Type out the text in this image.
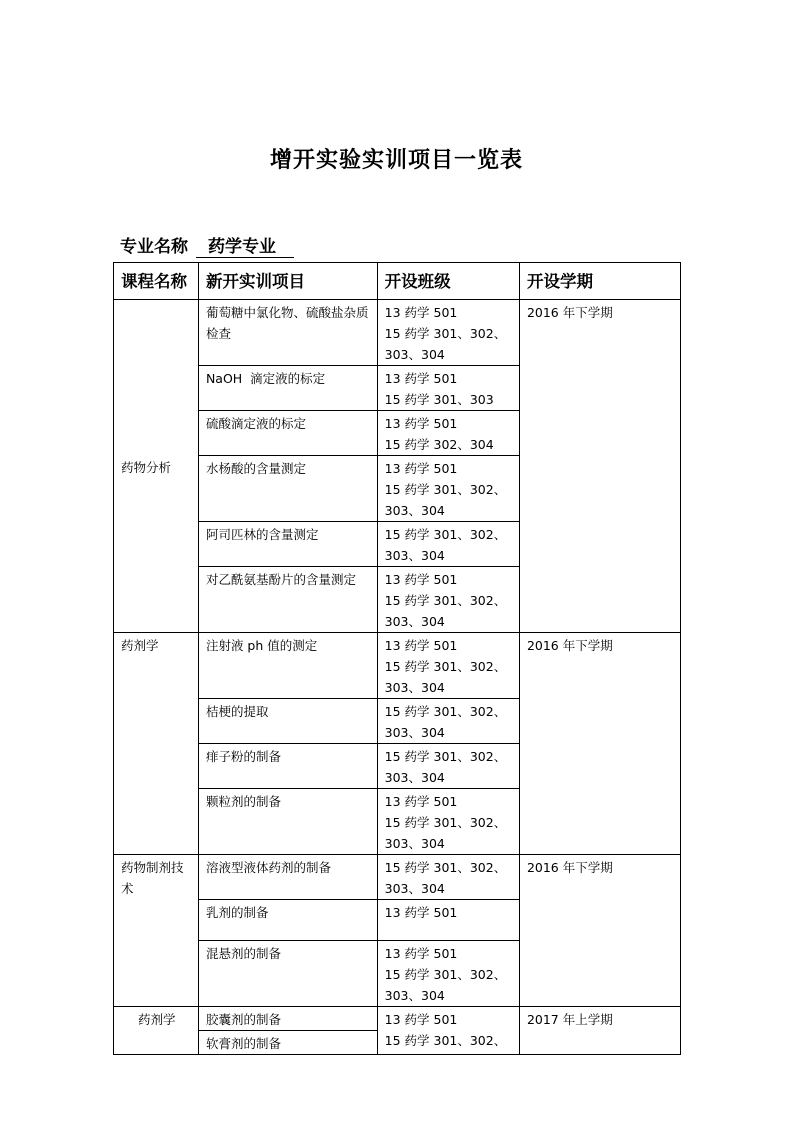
增开实验实训项目一览表
专业名称 药学专业
课程名称	新开实训项目	开设班级	开设学期
药物分析	葡萄糖中氯化物、硫酸盐杂质检查	13 药学 501
15 药学 301、302、
303、304	2016 年下学期
	NaOH  滴定液的标定	13 药学 501
15 药学 301、303	

	硫酸滴定液的标定	13 药学 501
15 药学 302、304	

	水杨酸的含量测定	13 药学 501
15 药学 301、302、
303、304	

	阿司匹林的含量测定	15 药学 301、302、
303、304	

	对乙酰氨基酚片的含量测定	13 药学 501
15 药学 301、302、
303、304	

药剂学	注射液 ph 值的测定	13 药学 501
15 药学 301、302、
303、304	2016 年下学期
	桔梗的提取	15 药学 301、302、
303、304	

	痱子粉的制备	15 药学 301、302、
303、304	

	颗粒剂的制备	13 药学 501
15 药学 301、302、
303、304	

药物制剂技术	溶液型液体药剂的制备	15 药学 301、302、
303、304	2016 年下学期
	乳剂的制备	13 药学 501	

	混悬剂的制备	13 药学 501
15 药学 301、302、
303、304	

药剂学	胶囊剂的制备	13 药学 501
15 药学 301、302、	2017 年上学期
	软膏剂的制备		
